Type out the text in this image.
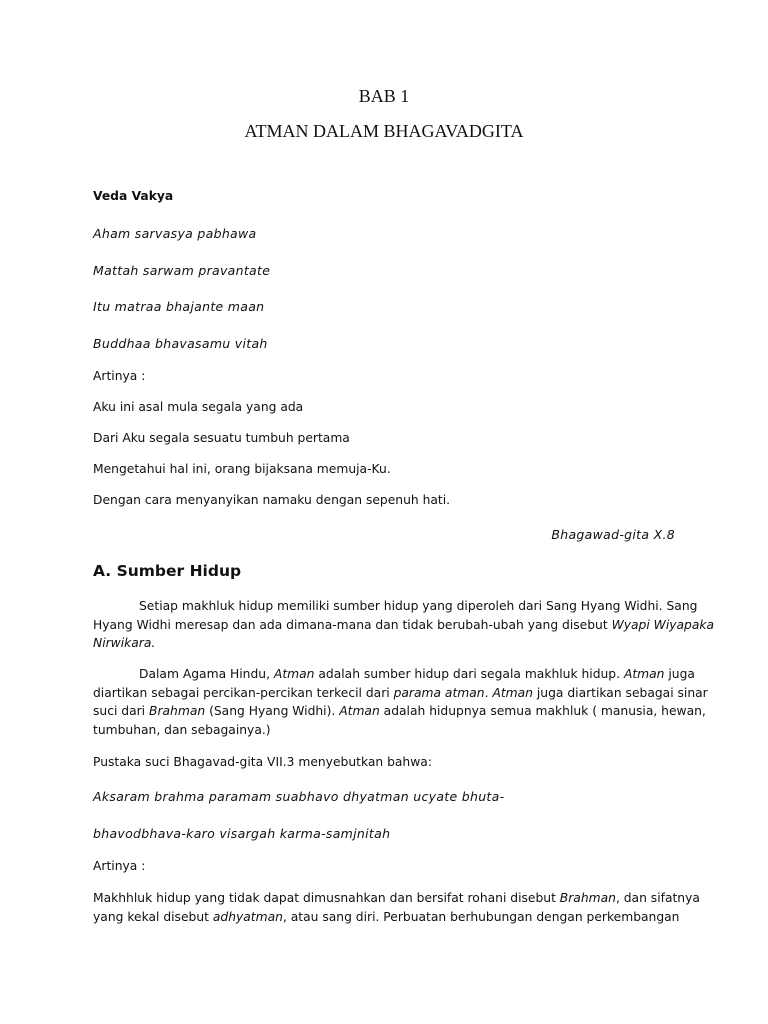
BAB 1
ATMAN DALAM BHAGAVADGITA
Veda Vakya
Aham sarvasya pabhawa
Mattah sarwam pravantate
Itu matraa bhajante maan
Buddhaa bhavasamu vitah
Artinya :
Aku ini asal mula segala yang ada
Dari Aku segala sesuatu tumbuh pertama
Mengetahui hal ini, orang bijaksana memuja-Ku.
Dengan cara menyanyikan namaku dengan sepenuh hati.
Bhagawad-gita X.8
A. Sumber Hidup
Setiap makhluk hidup memiliki sumber hidup yang diperoleh dari Sang Hyang Widhi. Sang
Hyang Widhi meresap dan ada dimana-mana dan tidak berubah-ubah yang disebut Wyapi Wiyapaka
Nirwikara.
Dalam Agama Hindu, Atman adalah sumber hidup dari segala makhluk hidup. Atman juga
diartikan sebagai percikan-percikan terkecil dari parama atman. Atman juga diartikan sebagai sinar
suci dari Brahman (Sang Hyang Widhi). Atman adalah hidupnya semua makhluk ( manusia, hewan,
tumbuhan, dan sebagainya.)
Pustaka suci Bhagavad-gita VII.3 menyebutkan bahwa:
Aksaram brahma paramam suabhavo dhyatman ucyate bhuta-
bhavodbhava-karo visargah karma-samjnitah
Artinya :
Makhhluk hidup yang tidak dapat dimusnahkan dan bersifat rohani disebut Brahman, dan sifatnya
yang kekal disebut adhyatman, atau sang diri. Perbuatan berhubungan dengan perkembangan
